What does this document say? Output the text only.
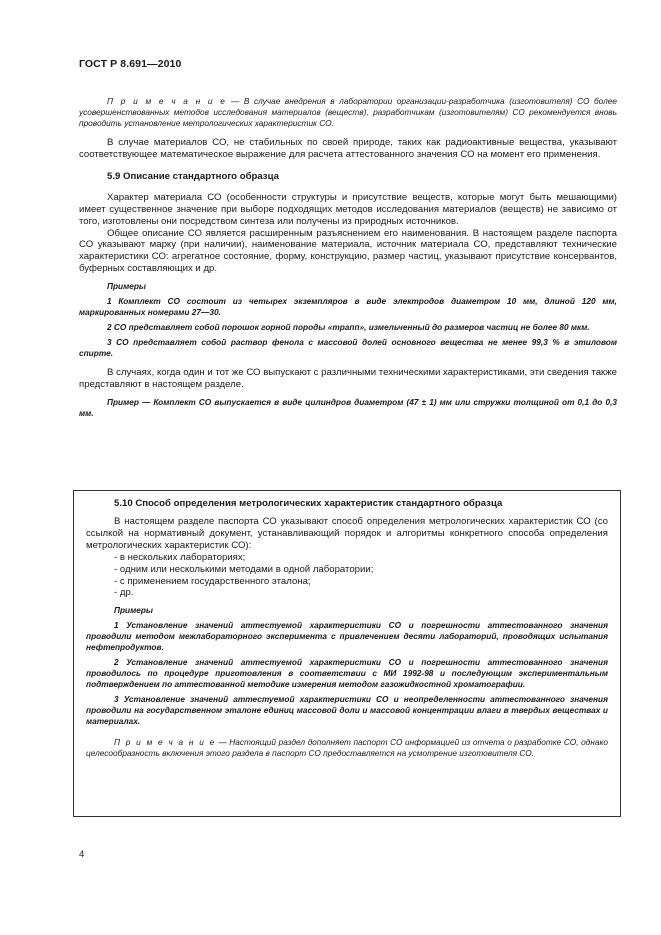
ГОСТ Р 8.691—2010

П р и м е ч а н и е — В случае внедрения в лаборатории организации-разработчика (изготовителя) СО более усовершенствованных методов исследования материалов (веществ), разработчикам (изготовителям) СО рекомендуется вновь проводить установление метрологических характеристик СО.

В случае материалов СО, не стабильных по своей природе, таких как радиоактивные вещества, указывают соответствующее математическое выражение для расчета аттестованного значения СО на момент его применения.

5.9 Описание стандартного образца

Характер материала СО (особенности структуры и присутствие веществ, которые могут быть мешающими) имеет существенное значение при выборе подходящих методов исследования материалов (веществ) не зависимо от того, изготовлены они посредством синтеза или получены из природных источников.

Общее описание СО является расширенным разъяснением его наименования. В настоящем разделе паспорта СО указывают марку (при наличии), наименование материала, источник материала СО, представляют технические характеристики СО: агрегатное состояние, форму, конструкцию, размер частиц, указывают присутствие консервантов, буферных составляющих и др.

Примеры

1 Комплект СО состоит из четырех экземпляров в виде электродов диаметром 10 мм, длиной 120 мм, маркированных номерами 27—30.

2 СО представляет собой порошок горной породы «трапп», измельченный до размеров частиц не более 80 мкм.

3 СО представляет собой раствор фенола с массовой долей основного вещества не менее 99,3 % в этиловом спирте.

В случаях, когда один и тот же СО выпускают с различными техническими характеристиками, эти сведения также представляют в настоящем разделе.

Пример — Комплект СО выпускается в виде цилиндров диаметром (47 ± 1) мм или стружки толщиной от 0,1 до 0,3 мм.

5.10 Способ определения метрологических характеристик стандартного образца

В настоящем разделе паспорта СО указывают способ определения метрологических характеристик СО (со ссылкой на нормативный документ, устанавливающий порядок и алгоритмы конкретного способа определения метрологических характеристик СО):

- в нескольких лабораториях;
- одним или несколькими методами в одной лаборатории;
- с применением государственного эталона;
- др.

Примеры

1 Установление значений аттестуемой характеристики СО и погрешности аттестованного значения проводили методом межлабораторного эксперимента с привлечением десяти лабораторий, проводящих испытания нефтепродуктов.

2 Установление значений аттестуемой характеристики СО и погрешности аттестованного значения проводилось по процедуре приготовления в соответствии с МИ 1992-98 и последующим экспериментальным подтверждением по аттестованной методике измерения методом газожидкостной хроматографии.

3 Установление значений аттестуемой характеристики СО и неопределенности аттестованного значения проводили на государственном эталоне единиц массовой доли и массовой концентрации влаги в твердых веществах и материалах.

П р и м е ч а н и е — Настоящий раздел дополняет паспорт СО информацией из отчета о разработке СО, однако целесообразность включения этого раздела в паспорт СО предоставляется на усмотрение изготовителя СО.

4
